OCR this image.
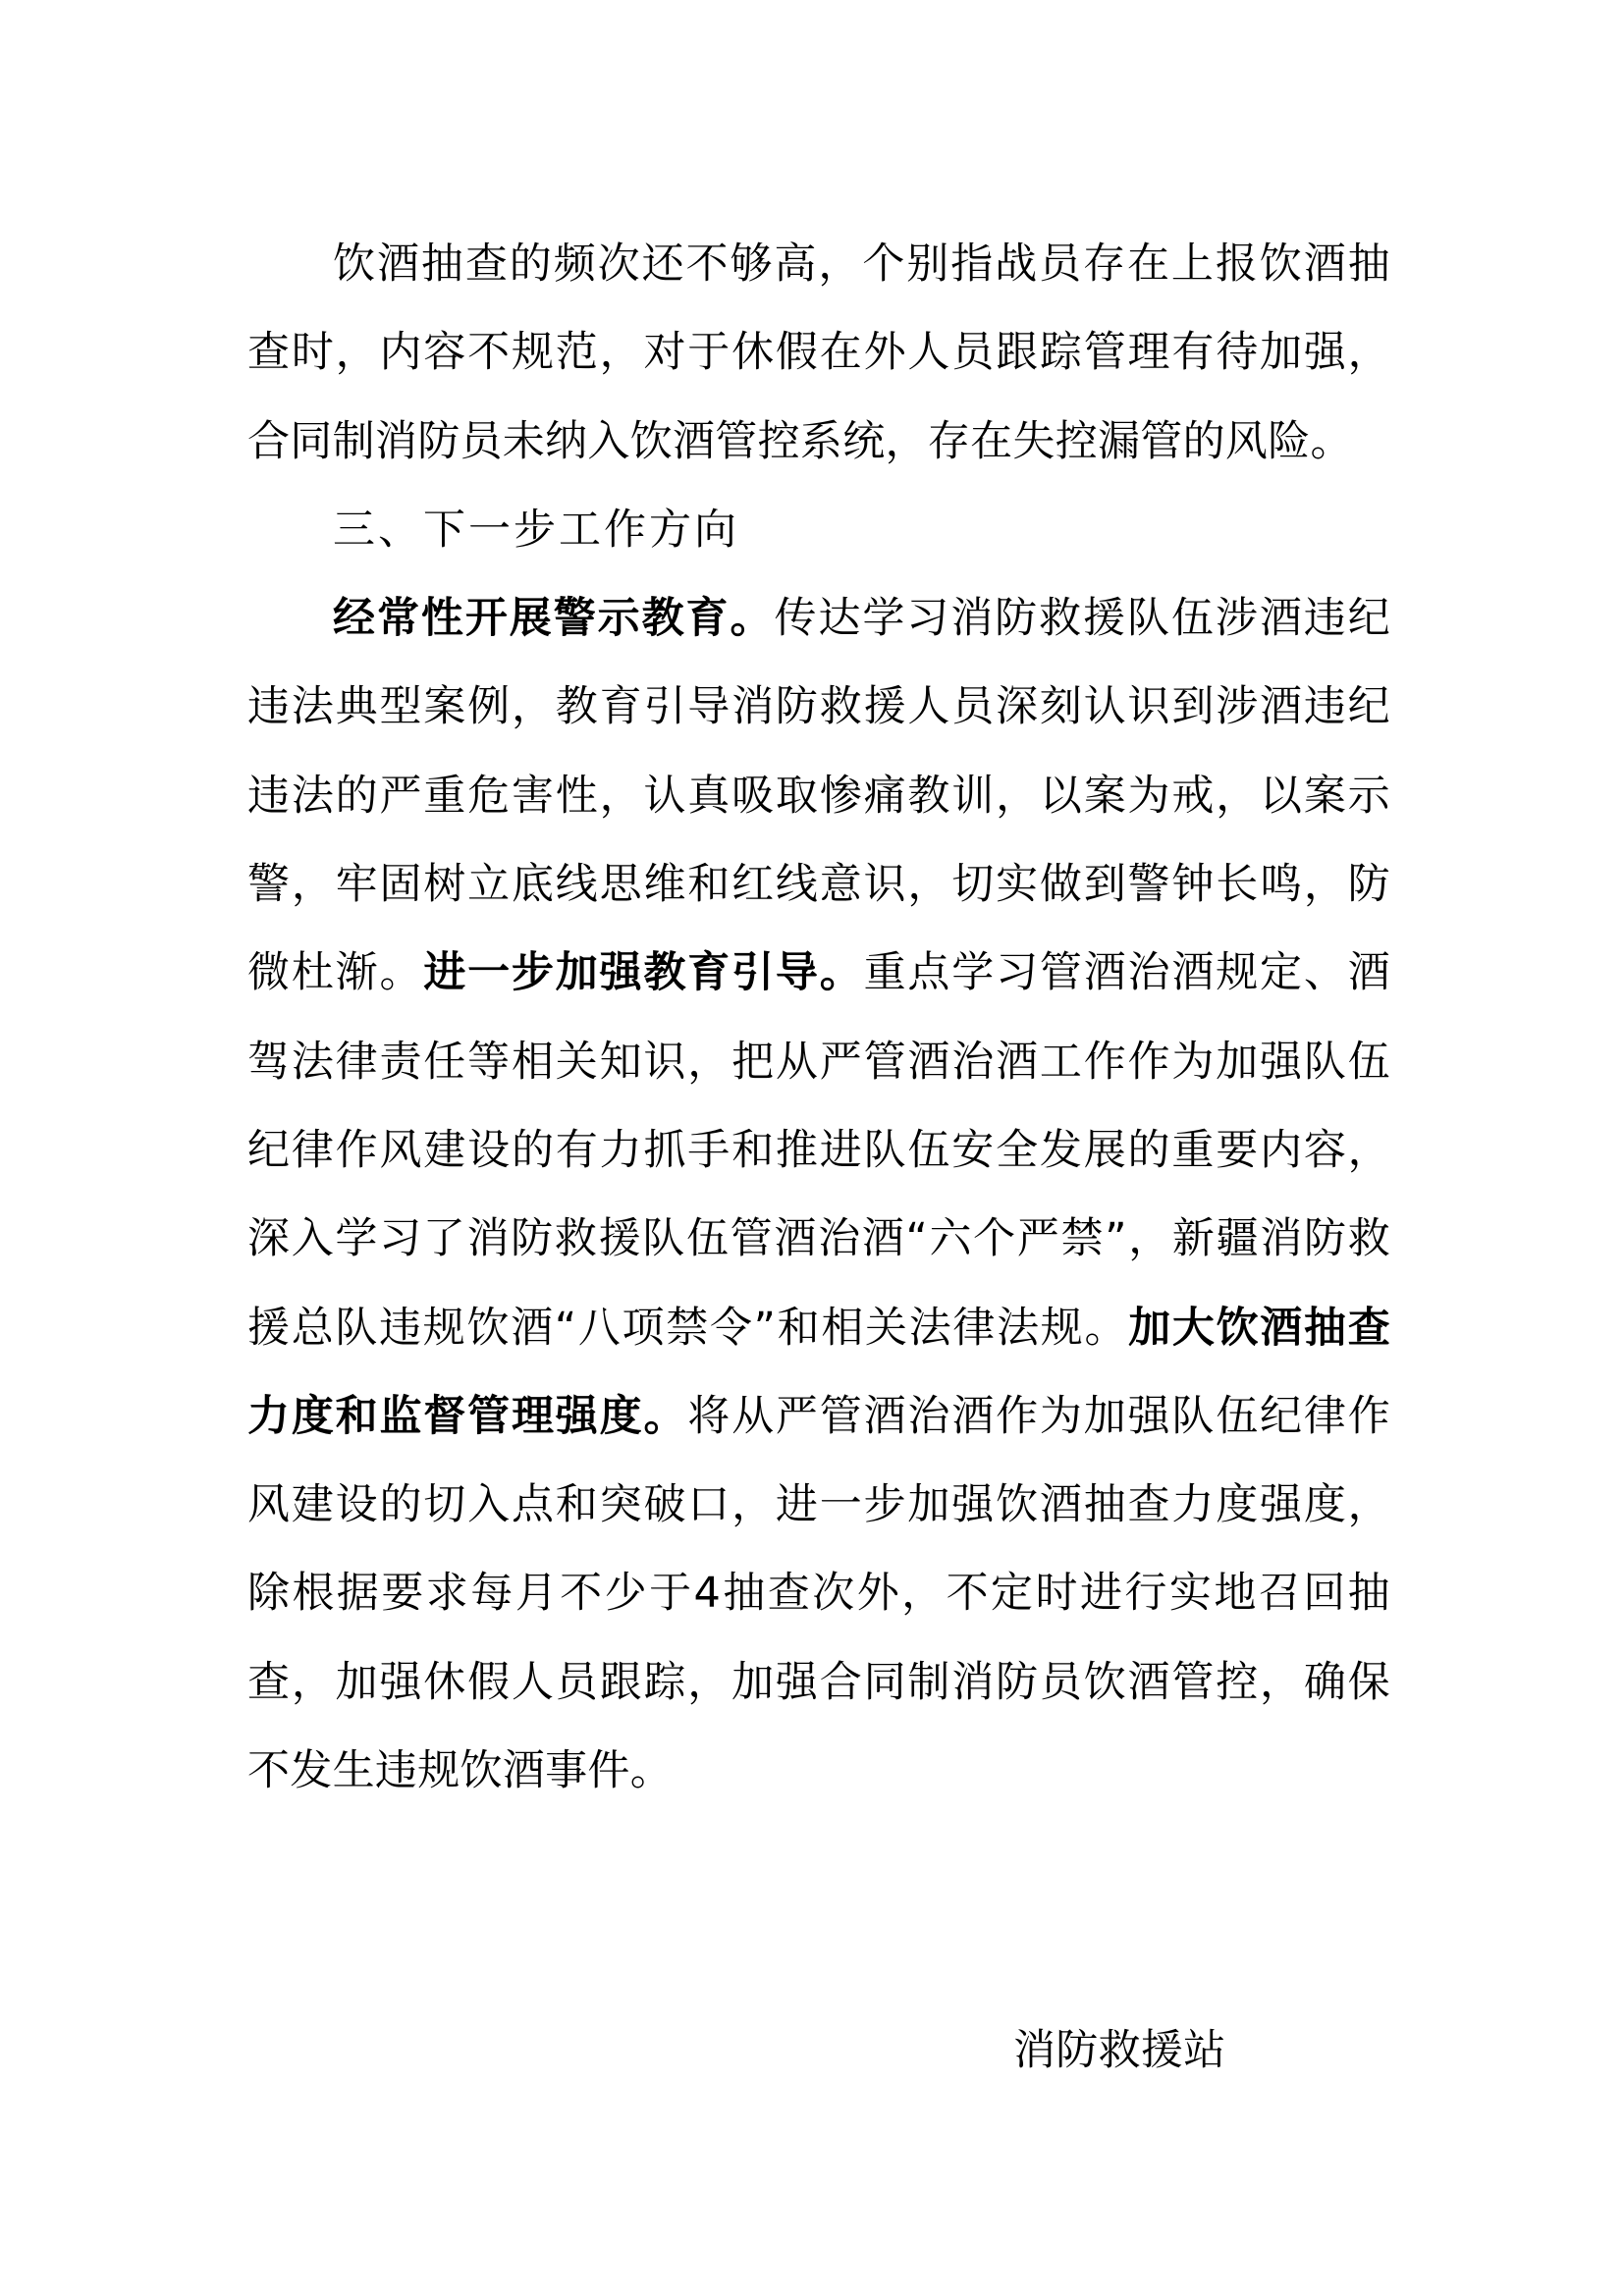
饮酒抽查的频次还不够高，个别指战员存在上报饮酒抽查时，内容不规范，对于休假在外人员跟踪管理有待加强，合同制消防员未纳入饮酒管控系统，存在失控漏管的风险。

三、下一步工作方向

经常性开展警示教育。传达学习消防救援队伍涉酒违纪违法典型案例，教育引导消防救援人员深刻认识到涉酒违纪违法的严重危害性，认真吸取惨痛教训，以案为戒，以案示警，牢固树立底线思维和红线意识，切实做到警钟长鸣，防微杜渐。进一步加强教育引导。重点学习管酒治酒规定、酒驾法律责任等相关知识，把从严管酒治酒工作作为加强队伍纪律作风建设的有力抓手和推进队伍安全发展的重要内容，深入学习了消防救援队伍管酒治酒“六个严禁”，新疆消防救援总队违规饮酒“八项禁令”和相关法律法规。加大饮酒抽查力度和监督管理强度。将从严管酒治酒作为加强队伍纪律作风建设的切入点和突破口，进一步加强饮酒抽查力度强度，除根据要求每月不少于4抽查次外，不定时进行实地召回抽查，加强休假人员跟踪，加强合同制消防员饮酒管控，确保不发生违规饮酒事件。

消防救援站
